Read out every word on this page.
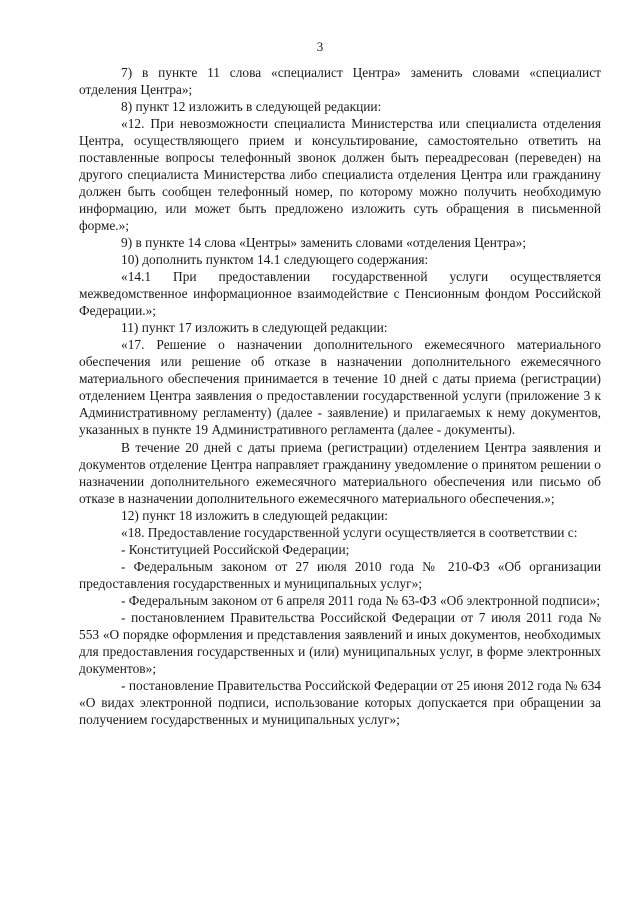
3

7) в пункте 11 слова «специалист Центра» заменить словами «специалист отделения Центра»;

8) пункт 12 изложить в следующей редакции:

«12. При невозможности специалиста Министерства или специалиста отделения Центра, осуществляющего прием и консультирование, самостоятельно ответить на поставленные вопросы телефонный звонок должен быть переадресован (переведен) на другого специалиста Министерства либо специалиста отделения Центра или гражданину должен быть сообщен телефонный номер, по которому можно получить необходимую информацию, или может быть предложено изложить суть обращения в письменной форме.»;

9) в пункте 14 слова «Центры» заменить словами «отделения Центра»;

10) дополнить пунктом 14.1 следующего содержания:

«14.1 При предоставлении государственной услуги осуществляется межведомственное информационное взаимодействие с Пенсионным фондом Российской Федерации.»;

11) пункт 17 изложить в следующей редакции:

«17. Решение о назначении дополнительного ежемесячного материального обеспечения или решение об отказе в назначении дополнительного ежемесячного материального обеспечения принимается в течение 10 дней с даты приема (регистрации) отделением Центра заявления о предоставлении государственной услуги (приложение 3 к Административному регламенту) (далее - заявление) и прилагаемых к нему документов, указанных в пункте 19 Административного регламента (далее - документы).

В течение 20 дней с даты приема (регистрации) отделением Центра заявления и документов отделение Центра направляет гражданину уведомление о принятом решении о назначении дополнительного ежемесячного материального обеспечения или письмо об отказе в назначении дополнительного ежемесячного материального обеспечения.»;

12) пункт 18 изложить в следующей редакции:

«18. Предоставление государственной услуги осуществляется в соответствии с:

- Конституцией Российской Федерации;

- Федеральным законом от 27 июля 2010 года № 210-ФЗ «Об организации предоставления государственных и муниципальных услуг»;

- Федеральным законом от 6 апреля 2011 года № 63-ФЗ «Об электронной подписи»;

- постановлением Правительства Российской Федерации от 7 июля 2011 года № 553 «О порядке оформления и представления заявлений и иных документов, необходимых для предоставления государственных и (или) муниципальных услуг, в форме электронных документов»;

- постановление Правительства Российской Федерации от 25 июня 2012 года № 634 «О видах электронной подписи, использование которых допускается при обращении за получением государственных и муниципальных услуг»;
